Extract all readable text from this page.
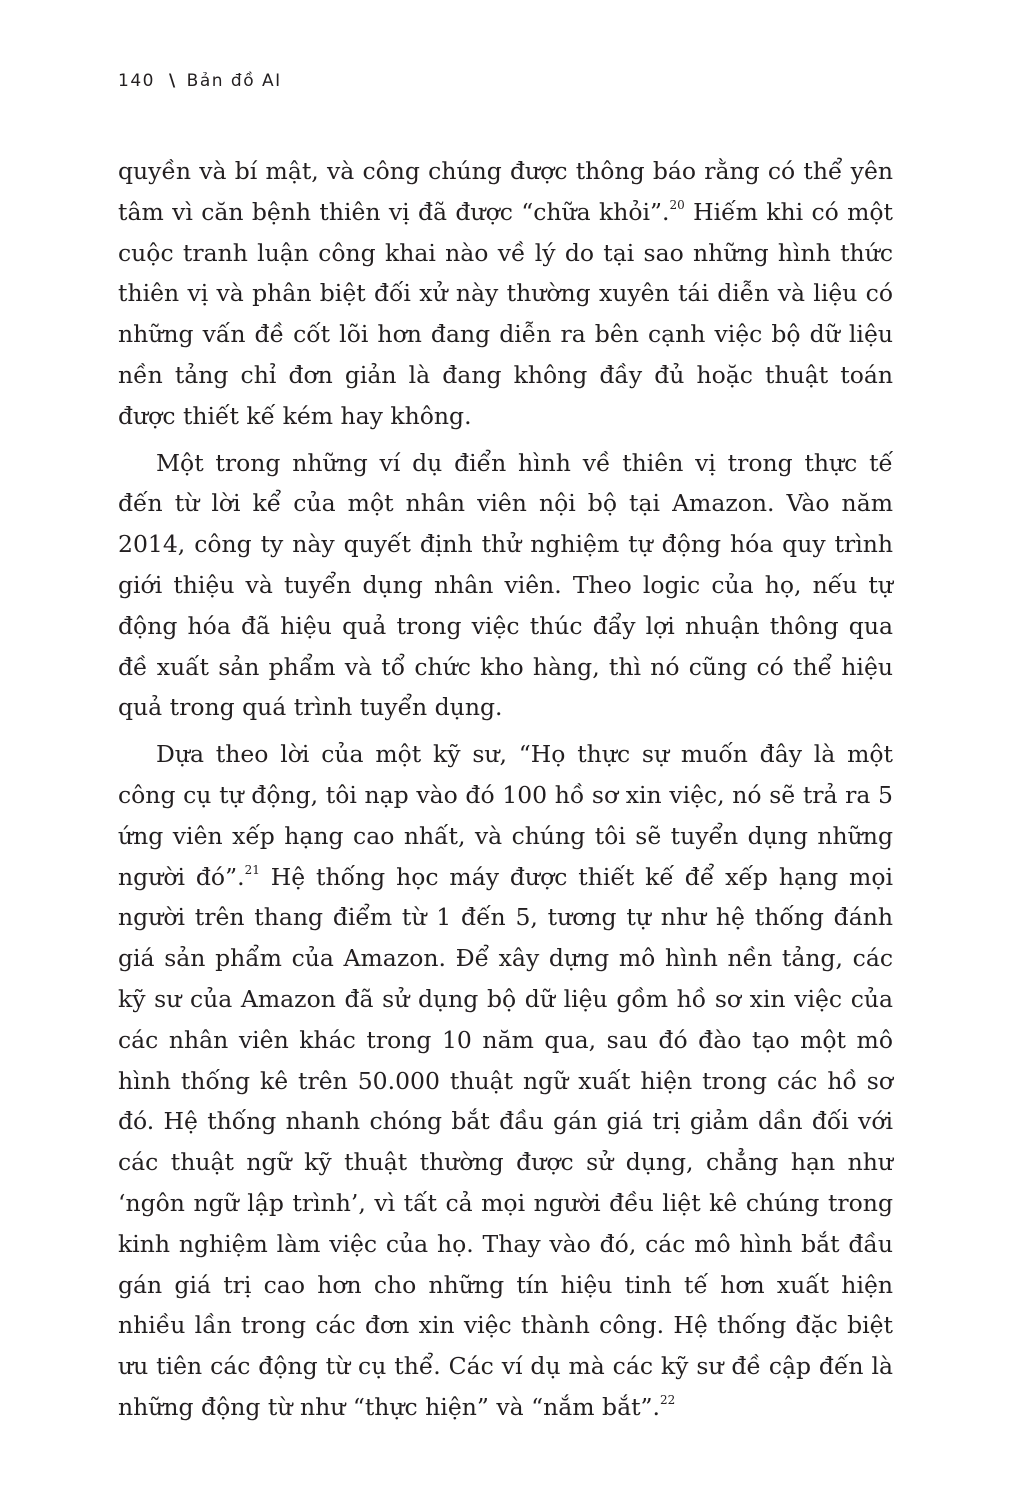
140 \ Bản đồ AI

quyền và bí mật, và công chúng được thông báo rằng có thể yên tâm vì căn bệnh thiên vị đã được “chữa khỏi”.$^{20}$ Hiếm khi có một cuộc tranh luận công khai nào về lý do tại sao những hình thức thiên vị và phân biệt đối xử này thường xuyên tái diễn và liệu có những vấn đề cốt lõi hơn đang diễn ra bên cạnh việc bộ dữ liệu nền tảng chỉ đơn giản là đang không đầy đủ hoặc thuật toán được thiết kế kém hay không.

Một trong những ví dụ điển hình về thiên vị trong thực tế đến từ lời kể của một nhân viên nội bộ tại Amazon. Vào năm 2014, công ty này quyết định thử nghiệm tự động hóa quy trình giới thiệu và tuyển dụng nhân viên. Theo logic của họ, nếu tự động hóa đã hiệu quả trong việc thúc đẩy lợi nhuận thông qua đề xuất sản phẩm và tổ chức kho hàng, thì nó cũng có thể hiệu quả trong quá trình tuyển dụng.

Dựa theo lời của một kỹ sư, “Họ thực sự muốn đây là một công cụ tự động, tôi nạp vào đó 100 hồ sơ xin việc, nó sẽ trả ra 5 ứng viên xếp hạng cao nhất, và chúng tôi sẽ tuyển dụng những người đó”.$^{21}$ Hệ thống học máy được thiết kế để xếp hạng mọi người trên thang điểm từ 1 đến 5, tương tự như hệ thống đánh giá sản phẩm của Amazon. Để xây dựng mô hình nền tảng, các kỹ sư của Amazon đã sử dụng bộ dữ liệu gồm hồ sơ xin việc của các nhân viên khác trong 10 năm qua, sau đó đào tạo một mô hình thống kê trên 50.000 thuật ngữ xuất hiện trong các hồ sơ đó. Hệ thống nhanh chóng bắt đầu gán giá trị giảm dần đối với các thuật ngữ kỹ thuật thường được sử dụng, chẳng hạn như ‘ngôn ngữ lập trình’, vì tất cả mọi người đều liệt kê chúng trong kinh nghiệm làm việc của họ. Thay vào đó, các mô hình bắt đầu gán giá trị cao hơn cho những tín hiệu tinh tế hơn xuất hiện nhiều lần trong các đơn xin việc thành công. Hệ thống đặc biệt ưu tiên các động từ cụ thể. Các ví dụ mà các kỹ sư đề cập đến là những động từ như “thực hiện” và “nắm bắt”.$^{22}$
